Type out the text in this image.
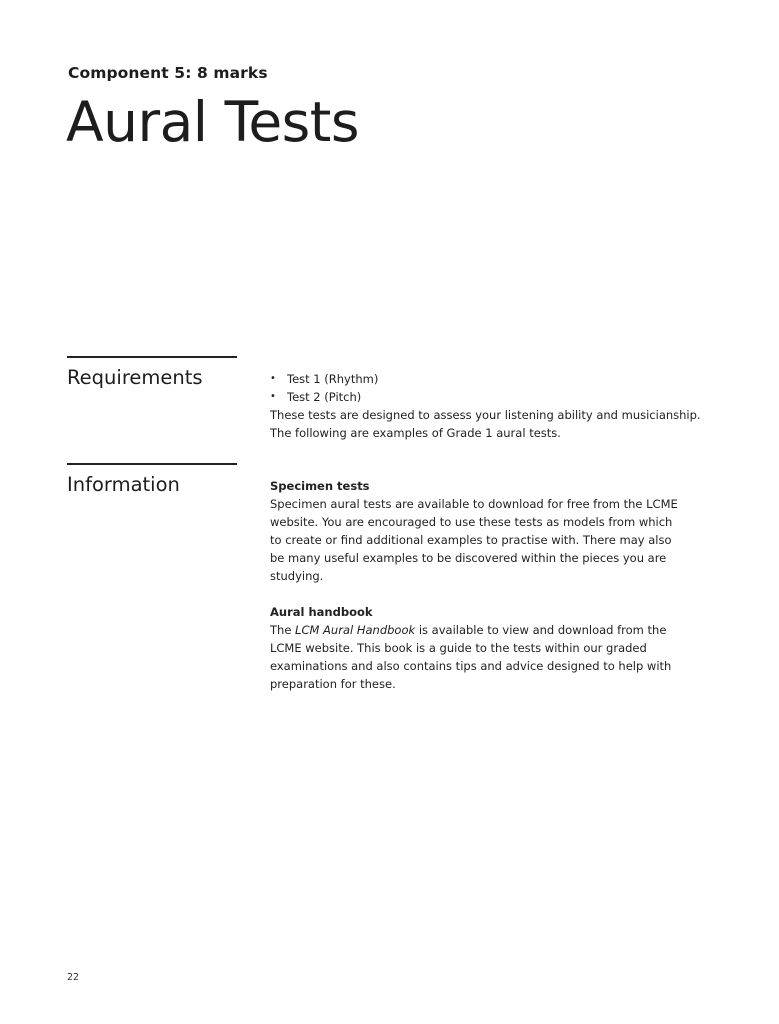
Component 5: 8 marks
Aural Tests
Requirements
•	Test 1 (Rhythm)
• Test 2 (Pitch)

These tests are designed to assess your listening ability and musicianship.

The following are examples of Grade 1 aural tests.

Information	Specimen tests

Specimen aural tests are available to download for free from the LCME

website. You are encouraged to use these tests as models from which

to create or find additional examples to practise with. There may also

be many useful examples to be discovered within the pieces you are

studying.

Aural handbook

The LCM Aural Handbook is available to view and download from the

LCME website. This book is a guide to the tests within our graded

examinations and also contains tips and advice designed to help with

preparation for these.

22
